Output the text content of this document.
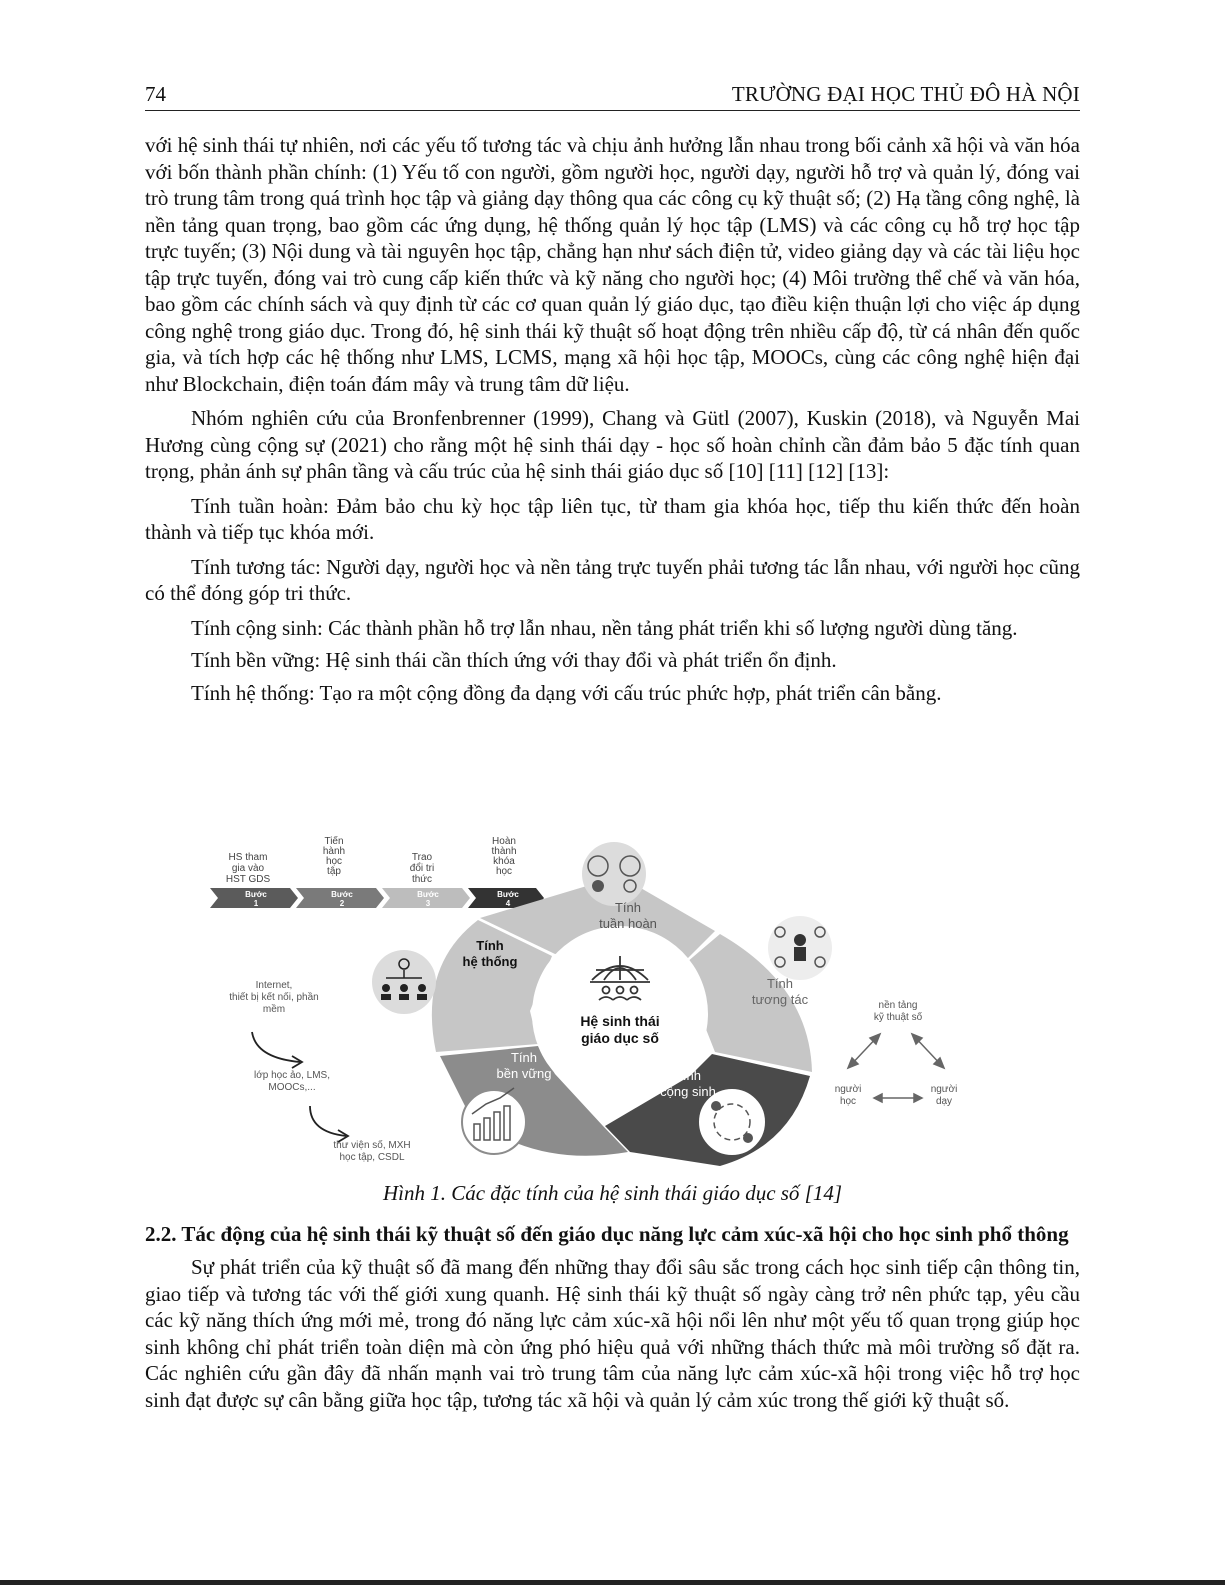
74	TRƯỜNG ĐẠI HỌC THỦ ĐÔ HÀ NỘI

với hệ sinh thái tự nhiên, nơi các yếu tố tương tác và chịu ảnh hưởng lẫn nhau trong bối cảnh xã hội và văn hóa với bốn thành phần chính: (1) Yếu tố con người, gồm người học, người dạy, người hỗ trợ và quản lý, đóng vai trò trung tâm trong quá trình học tập và giảng dạy thông qua các công cụ kỹ thuật số; (2) Hạ tầng công nghệ, là nền tảng quan trọng, bao gồm các ứng dụng, hệ thống quản lý học tập (LMS) và các công cụ hỗ trợ học tập trực tuyến; (3) Nội dung và tài nguyên học tập, chẳng hạn như sách điện tử, video giảng dạy và các tài liệu học tập trực tuyến, đóng vai trò cung cấp kiến thức và kỹ năng cho người học; (4) Môi trường thể chế và văn hóa, bao gồm các chính sách và quy định từ các cơ quan quản lý giáo dục, tạo điều kiện thuận lợi cho việc áp dụng công nghệ trong giáo dục. Trong đó, hệ sinh thái kỹ thuật số hoạt động trên nhiều cấp độ, từ cá nhân đến quốc gia, và tích hợp các hệ thống như LMS, LCMS, mạng xã hội học tập, MOOCs, cùng các công nghệ hiện đại như Blockchain, điện toán đám mây và trung tâm dữ liệu.

Nhóm nghiên cứu của Bronfenbrenner (1999), Chang và Gütl (2007), Kuskin (2018), và Nguyễn Mai Hương cùng cộng sự (2021) cho rằng một hệ sinh thái dạy - học số hoàn chỉnh cần đảm bảo 5 đặc tính quan trọng, phản ánh sự phân tầng và cấu trúc của hệ sinh thái giáo dục số [10] [11] [12] [13]:

Tính tuần hoàn: Đảm bảo chu kỳ học tập liên tục, từ tham gia khóa học, tiếp thu kiến thức đến hoàn thành và tiếp tục khóa mới.

Tính tương tác: Người dạy, người học và nền tảng trực tuyến phải tương tác lẫn nhau, với người học cũng có thể đóng góp tri thức.

Tính cộng sinh: Các thành phần hỗ trợ lẫn nhau, nền tảng phát triển khi số lượng người dùng tăng.

Tính bền vững: Hệ sinh thái cần thích ứng với thay đổi và phát triển ổn định.

Tính hệ thống: Tạo ra một cộng đồng đa dạng với cấu trúc phức hợp, phát triển cân bằng.

HS tham gia vào HST GDS
Tiến hành học tập
Trao đổi tri thức
Hoàn thành khóa học
Bước 1
Bước 2
Bước 3
Bước 4
Hệ sinh thái giáo dục số
Tính tuần hoàn
Tính tương tác
Tính cộng sinh
Tính bền vững
Tính hệ thống
Internet, thiết bị kết nối, phần mềm
lớp học ảo, LMS, MOOCs,...
thư viện số, MXH học tập, CSDL
nền tảng kỹ thuật số
người học
người dạy
Hình 1. Các đặc tính của hệ sinh thái giáo dục số [14]
2.2. Tác động của hệ sinh thái kỹ thuật số đến giáo dục năng lực cảm xúc-xã hội cho học sinh phổ thông

Sự phát triển của kỹ thuật số đã mang đến những thay đổi sâu sắc trong cách học sinh tiếp cận thông tin, giao tiếp và tương tác với thế giới xung quanh. Hệ sinh thái kỹ thuật số ngày càng trở nên phức tạp, yêu cầu các kỹ năng thích ứng mới mẻ, trong đó năng lực cảm xúc-xã hội nổi lên như một yếu tố quan trọng giúp học sinh không chỉ phát triển toàn diện mà còn ứng phó hiệu quả với những thách thức mà môi trường số đặt ra. Các nghiên cứu gần đây đã nhấn mạnh vai trò trung tâm của năng lực cảm xúc-xã hội trong việc hỗ trợ học sinh đạt được sự cân bằng giữa học tập, tương tác xã hội và quản lý cảm xúc trong thế giới kỹ thuật số.
